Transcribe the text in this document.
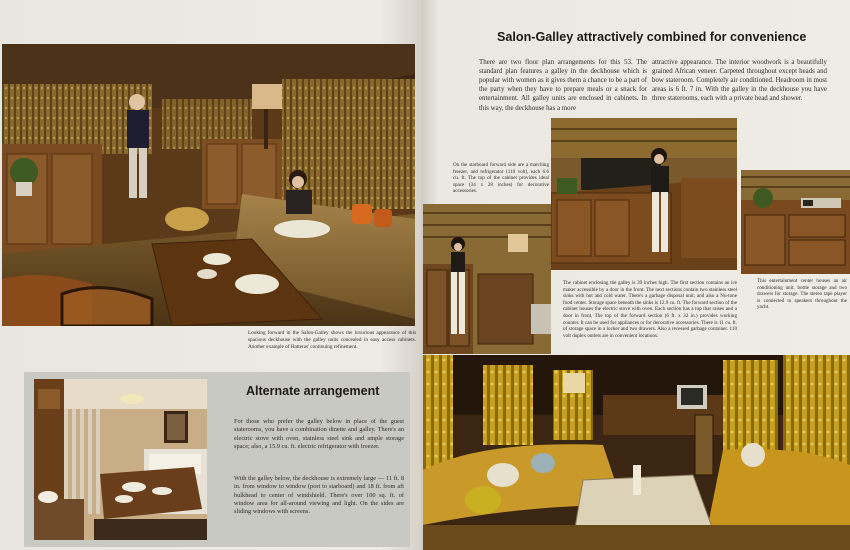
Looking forward in the Salon-Galley shows the luxurious appearance of this spacious deckhouse with the galley units concealed in easy access cabinets. Another example of Hatteras' continuing refinement.
Alternate arrangement
For those who prefer the galley below in place of the guest staterooms, you have a combination dinette and galley. There's an electric stove with oven, stainless steel sink and ample storage space; also, a 15.9 cu. ft. electric refrigerator with freezer.
With the galley below, the deckhouse is extremely large — 11 ft. 8 in. from window to window (port to starboard) and 18 ft. from aft bulkhead to center of windshield. There's over 100 sq. ft. of window area for all-around viewing and light. On the sides are sliding windows with screens.
Salon-Galley attractively combined for convenience
There are two floor plan arrangements for this 53. The standard plan features a galley in the deckhouse which is popular with women as it gives them a chance to be a part of the party when they have to prepare meals or a snack for entertainment. All galley units are enclosed in cabinets. In this way, the deckhouse has a more
attractive appearance. The interior woodwork is a beautifully grained African veneer. Carpeted throughout except heads and bow stateroom. Completely air conditioned. Headroom in most areas is 6 ft. 7 in. With the galley in the deckhouse you have three staterooms, each with a private head and shower.
On the starboard forward side are a matching freezer, and refrigerator (110 volt), each 6.6 cu. ft. The top of the cabinet provides ideal space (34 x 28 inches) for decorative accessories.
The cabinet enclosing the galley is 39 inches high. The first section contains an ice maker accessible by a door in the front. The next sections contain two stainless steel sinks with hot and cold water. There's a garbage disposal unit; and also a Nu-tone food center. Storage space beneath the sinks is 12.9 cu. ft. The forward section of the cabinet houses the electric stove with oven. Each section has a top that raises and a door in front. The top of the forward section (6 ft. x 32 in.) provides working counter. It can be used for appliances or for decorative accessories. There is 11 cu. ft. of storage space in a locker and two drawers. Also a recessed garbage container. 110 volt duplex outlets are in convenient locations.
This entertainment center houses an air conditioning unit, bottle storage and two drawers for storage. The stereo tape player is connected to speakers throughout the yacht.
